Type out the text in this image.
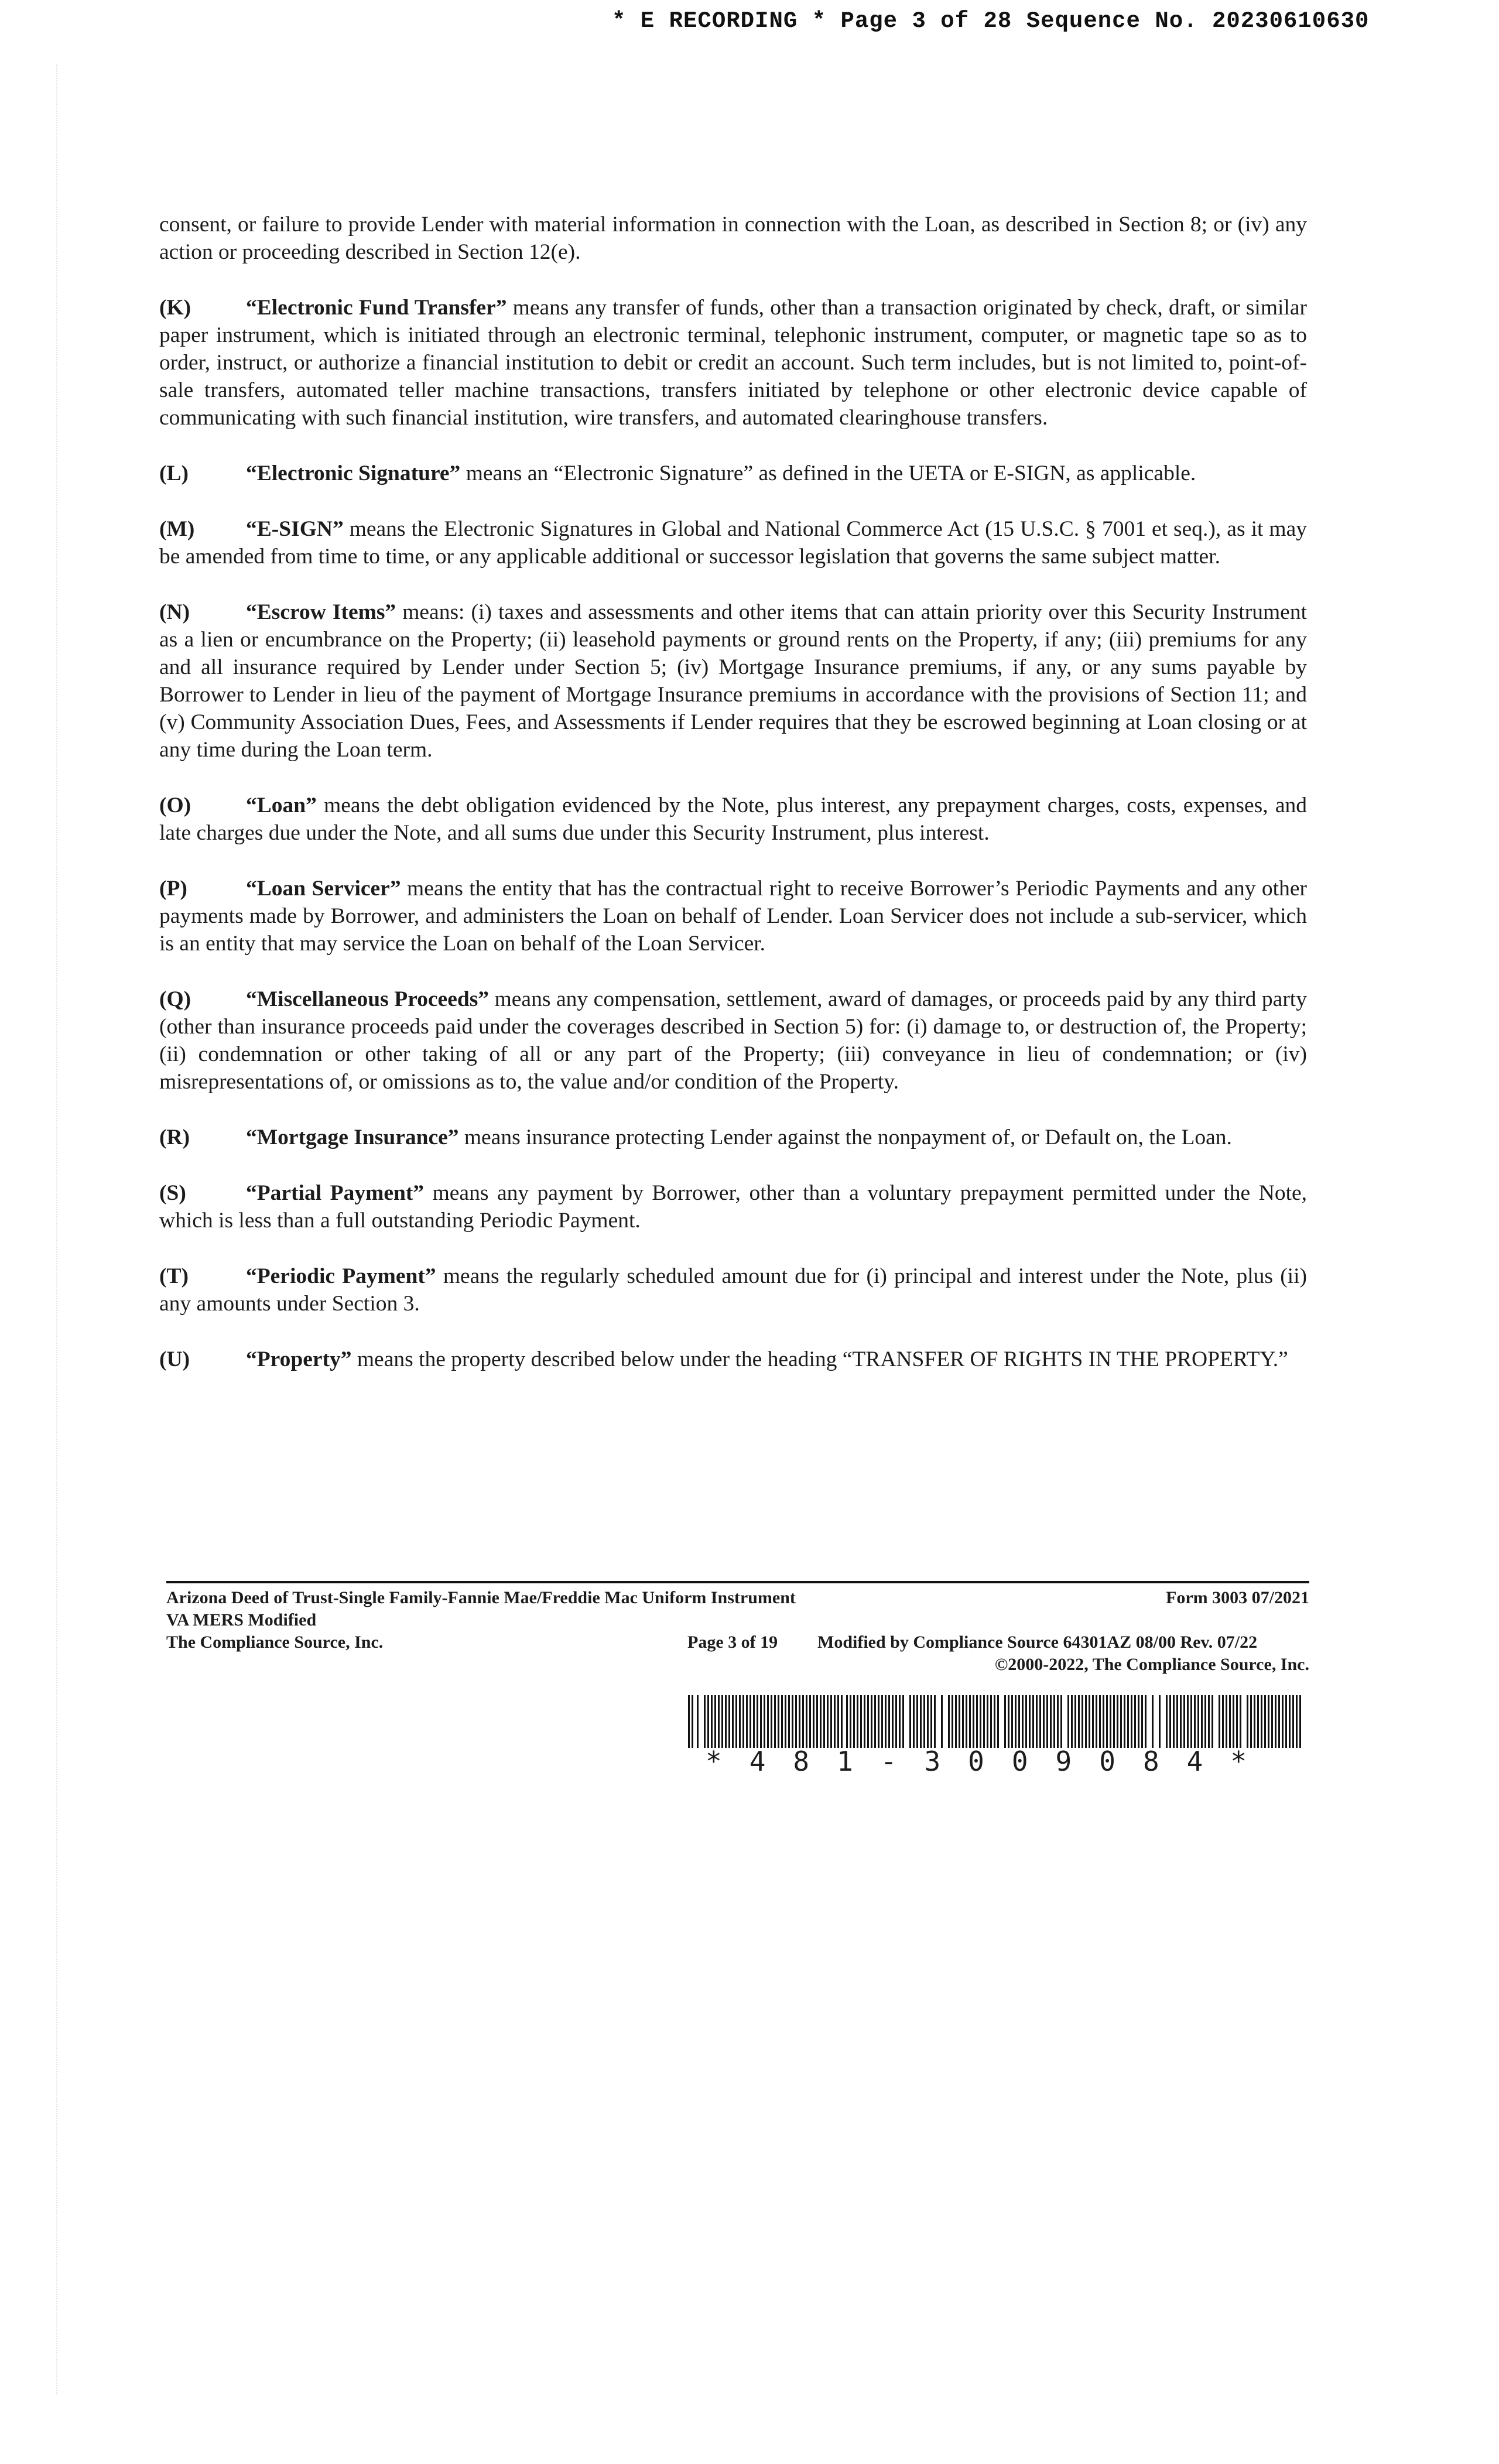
* E RECORDING * Page 3 of 28 Sequence No. 20230610630

consent, or failure to provide Lender with material information in connection with the Loan, as described in Section 8; or (iv) any action or proceeding described in Section 12(e).

(K)	“Electronic Fund Transfer” means any transfer of funds, other than a transaction originated by check, draft, or similar paper instrument, which is initiated through an electronic terminal, telephonic instrument, computer, or magnetic tape so as to order, instruct, or authorize a financial institution to debit or credit an account. Such term includes, but is not limited to, point-of-sale transfers, automated teller machine transactions, transfers initiated by telephone or other electronic device capable of communicating with such financial institution, wire transfers, and automated clearinghouse transfers.

(L)	“Electronic Signature” means an “Electronic Signature” as defined in the UETA or E-SIGN, as applicable.

(M) “E-SIGN” means the Electronic Signatures in Global and National Commerce Act (15 U.S.C. § 7001 et seq.), as it may be amended from time to time, or any applicable additional or successor legislation that governs the same subject matter.

(N)	“Escrow Items” means: (i) taxes and assessments and other items that can attain priority over this Security Instrument as a lien or encumbrance on the Property; (ii) leasehold payments or ground rents on the Property, if any; (iii) premiums for any and all insurance required by Lender under Section 5; (iv) Mortgage Insurance premiums, if any, or any sums payable by Borrower to Lender in lieu of the payment of Mortgage Insurance premiums in accordance with the provisions of Section 11; and (v) Community Association Dues, Fees, and Assessments if Lender requires that they be escrowed beginning at Loan closing or at any time during the Loan term.

(O)	“Loan” means the debt obligation evidenced by the Note, plus interest, any prepayment charges, costs, expenses, and late charges due under the Note, and all sums due under this Security Instrument, plus interest.

(P)	“Loan Servicer” means the entity that has the contractual right to receive Borrower’s Periodic Payments and any other payments made by Borrower, and administers the Loan on behalf of Lender. Loan Servicer does not include a sub-servicer, which is an entity that may service the Loan on behalf of the Loan Servicer.

(Q)	“Miscellaneous Proceeds” means any compensation, settlement, award of damages, or proceeds paid by any third party (other than insurance proceeds paid under the coverages described in Section 5) for: (i) damage to, or destruction of, the Property; (ii) condemnation or other taking of all or any part of the Property; (iii) conveyance in lieu of condemnation; or (iv) misrepresentations of, or omissions as to, the value and/or condition of the Property.

(R)	“Mortgage Insurance” means insurance protecting Lender against the nonpayment of, or Default on, the Loan.

(S)	“Partial Payment” means any payment by Borrower, other than a voluntary prepayment permitted under the Note, which is less than a full outstanding Periodic Payment.

(T)	“Periodic Payment” means the regularly scheduled amount due for (i) principal and interest under the Note, plus (ii) any amounts under Section 3.

(U)	“Property” means the property described below under the heading “TRANSFER OF RIGHTS IN THE PROPERTY.”

Arizona Deed of Trust-Single Family-Fannie Mae/Freddie Mac Uniform Instrument	Form 3003 07/2021
VA MERS Modified
The Compliance Source, Inc.	Page 3 of 19 Modified by Compliance Source 64301AZ 08/00 Rev. 07/22
©2000-2022, The Compliance Source, Inc.
*481-3009084*
